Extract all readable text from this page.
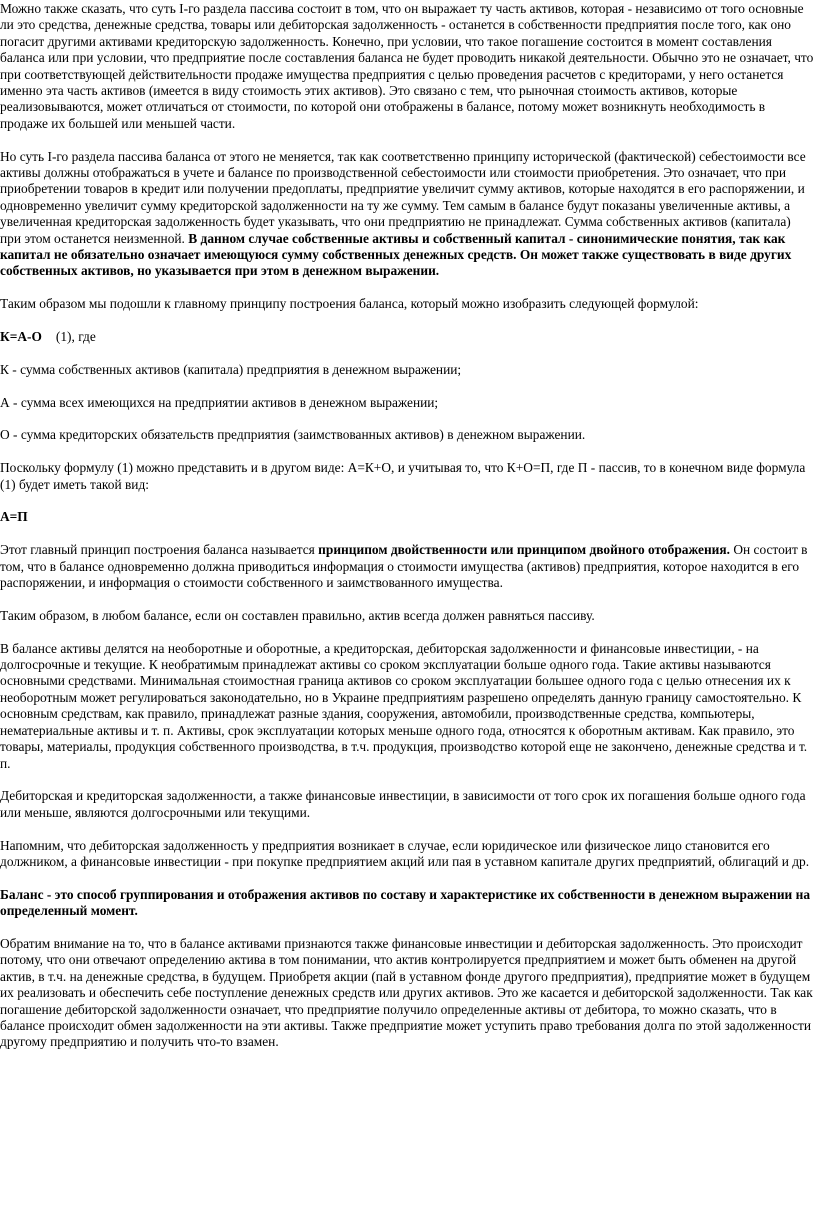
Можно также сказать, что суть I-го раздела пассива состоит в том, что он выражает ту часть активов, которая - независимо от того основные ли это средства, денежные средства, товары или дебиторская задолженность - останется в собственности предприятия после того, как оно погасит другими активами кредиторскую задолженность. Конечно, при условии, что такое погашение состоится в момент составления баланса или при условии, что предприятие после составления баланса не будет проводить никакой деятельности. Обычно это не означает, что при соответствующей действительности продаже имущества предприятия с целью проведения расчетов с кредиторами, у него останется именно эта часть активов (имеется в виду стоимость этих активов). Это связано с тем, что рыночная стоимость активов, которые реализовываются, может отличаться от стоимости, по которой они отображены в балансе, потому может возникнуть необходимость в продаже их большей или меньшей части.

Но суть I-го раздела пассива баланса от этого не меняется, так как соответственно принципу исторической (фактической) себестоимости все активы должны отображаться в учете и балансе по производственной себестоимости или стоимости приобретения. Это означает, что при приобретении товаров в кредит или получении предоплаты, предприятие увеличит сумму активов, которые находятся в его распоряжении, и одновременно увеличит сумму кредиторской задолженности на ту же сумму. Тем самым в балансе будут показаны увеличенные активы, а увеличенная кредиторская задолженность будет указывать, что они предприятию не принадлежат. Сумма собственных активов (капитала) при этом останется неизменной. В данном случае собственные активы и собственный капитал - синонимические понятия, так как капитал не обязательно означает имеющуюся сумму собственных денежных средств. Он может также существовать в виде других собственных активов, но указывается при этом в денежном выражении.

Таким образом мы подошли к главному принципу построения баланса, который можно изобразить следующей формулой:

К=А-О (1), где

К - сумма собственных активов (капитала) предприятия в денежном выражении;

А - сумма всех имеющихся на предприятии активов в денежном выражении;

О - сумма кредиторских обязательств предприятия (заимствованных активов) в денежном выражении.

Поскольку формулу (1) можно представить и в другом виде: А=К+О, и учитывая то, что К+О=П, где П - пассив, то в конечном виде формула (1) будет иметь такой вид:

А=П

Этот главный принцип построения баланса называется принципом двойственности или принципом двойного отображения. Он состоит в том, что в балансе одновременно должна приводиться информация о стоимости имущества (активов) предприятия, которое находится в его распоряжении, и информация о стоимости собственного и заимствованного имущества.

Таким образом, в любом балансе, если он составлен правильно, актив всегда должен равняться пассиву.

В балансе активы делятся на необоротные и оборотные, а кредиторская, дебиторская задолженности и финансовые инвестиции, - на долгосрочные и текущие. К необратимым принадлежат активы со сроком эксплуатации больше одного года. Такие активы называются основными средствами. Минимальная стоимостная граница активов со сроком эксплуатации большее одного года с целью отнесения их к необоротным может регулироваться законодательно, но в Украине предприятиям разрешено определять данную границу самостоятельно. К основным средствам, как правило, принадлежат разные здания, сооружения, автомобили, производственные средства, компьютеры, нематериальные активы и т. п. Активы, срок эксплуатации которых меньше одного года, относятся к оборотным активам. Как правило, это товары, материалы, продукция собственного производства, в т.ч. продукция, производство которой еще не закончено, денежные средства и т. п.

Дебиторская и кредиторская задолженности, а также финансовые инвестиции, в зависимости от того срок их погашения больше одного года или меньше, являются долгосрочными или текущими.

Напомним, что дебиторская задолженность у предприятия возникает в случае, если юридическое или физическое лицо становится его должником, а финансовые инвестиции - при покупке предприятием акций или пая в уставном капитале других предприятий, облигаций и др.

Баланс - это способ группирования и отображения активов по составу и характеристике их собственности в денежном выражении на определенный момент.

Обратим внимание на то, что в балансе активами признаются также финансовые инвестиции и дебиторская задолженность. Это происходит потому, что они отвечают определению актива в том понимании, что актив контролируется предприятием и может быть обменен на другой актив, в т.ч. на денежные средства, в будущем. Приобретя акции (пай в уставном фонде другого предприятия), предприятие может в будущем их реализовать и обеспечить себе поступление денежных средств или других активов. Это же касается и дебиторской задолженности. Так как погашение дебиторской задолженности означает, что предприятие получило определенные активы от дебитора, то можно сказать, что в балансе происходит обмен задолженности на эти активы. Также предприятие может уступить право требования долга по этой задолженности другому предприятию и получить что-то взамен.
